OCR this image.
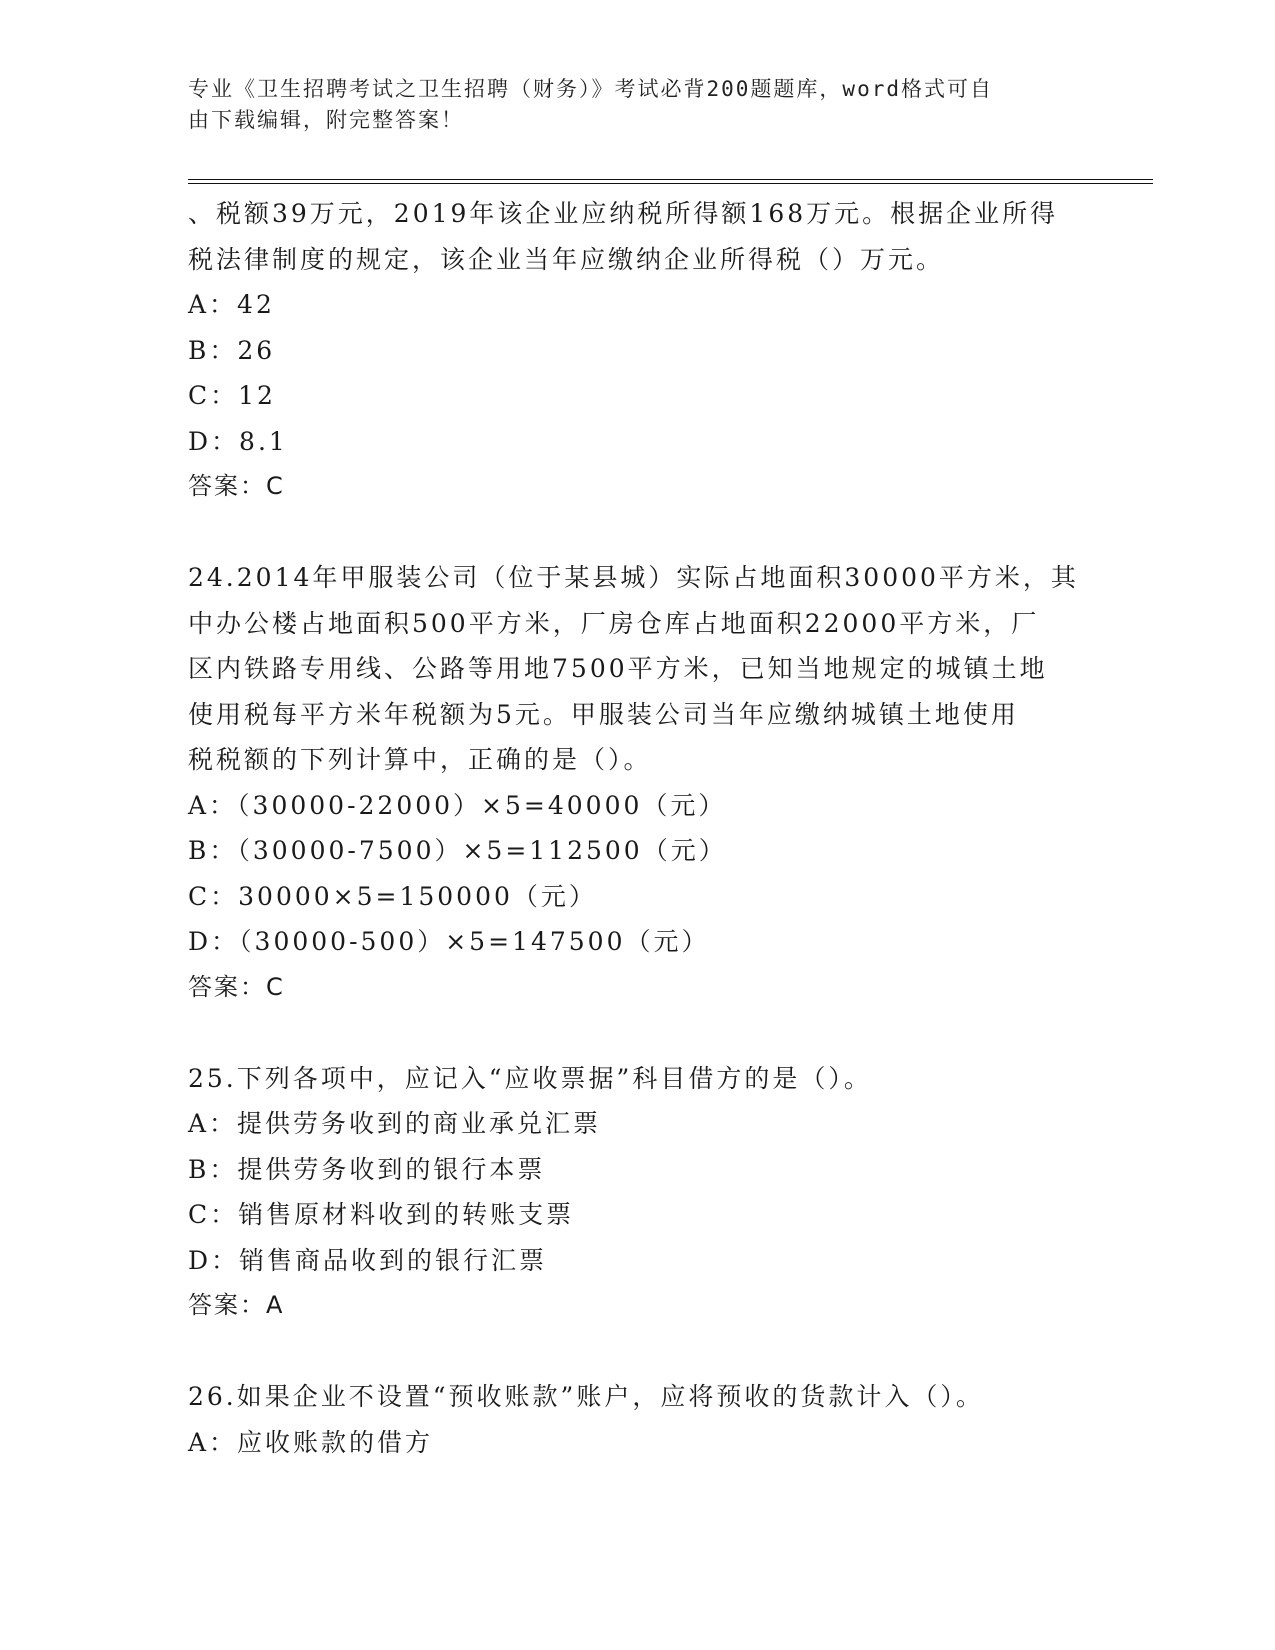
专业《卫生招聘考试之卫生招聘（财务）》考试必背200题题库，word格式可自
由下载编辑，附完整答案！
、税额39万元，2019年该企业应纳税所得额168万元。根据企业所得
税法律制度的规定，该企业当年应缴纳企业所得税（）万元。
A：42
B：26
C：12
D：8.1
答案：C
24.2014年甲服装公司（位于某县城）实际占地面积30000平方米，其
中办公楼占地面积500平方米，厂房仓库占地面积22000平方米，厂
区内铁路专用线、公路等用地7500平方米，已知当地规定的城镇土地
使用税每平方米年税额为5元。甲服装公司当年应缴纳城镇土地使用
税税额的下列计算中，正确的是（）。
A：（30000-22000）×5=40000（元）
B：（30000-7500）×5=112500（元）
C：30000×5=150000（元）
D：（30000-500）×5=147500（元）
答案：C
25.下列各项中，应记入“应收票据”科目借方的是（）。
A：提供劳务收到的商业承兑汇票
B：提供劳务收到的银行本票
C：销售原材料收到的转账支票
D：销售商品收到的银行汇票
答案：A
26.如果企业不设置“预收账款”账户，应将预收的货款计入（）。
A：应收账款的借方
